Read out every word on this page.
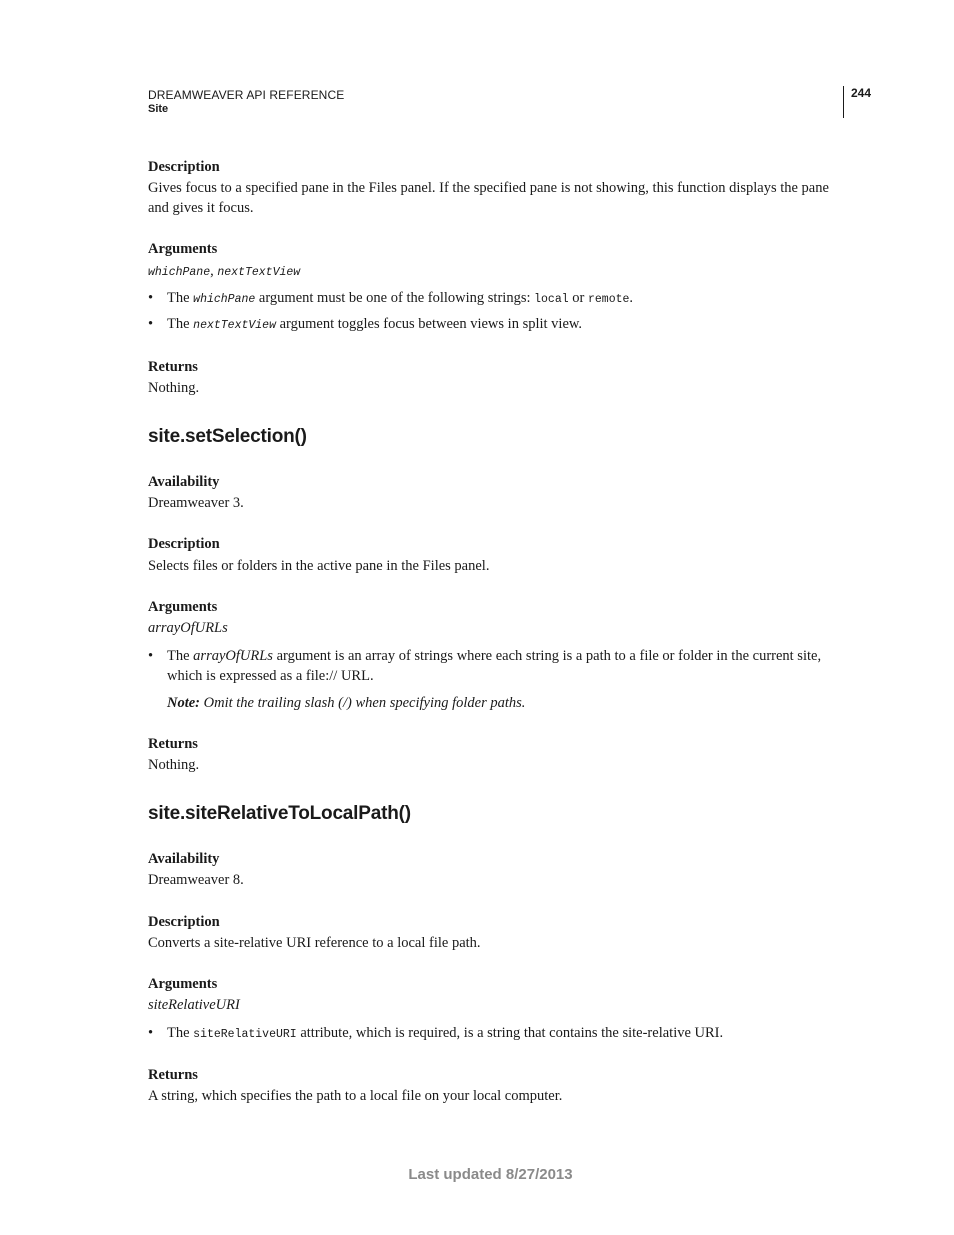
DREAMWEAVER API REFERENCE
Site
244
Description
Gives focus to a specified pane in the Files panel. If the specified pane is not showing, this function displays the pane and gives it focus.
Arguments
whichPane, nextTextView
• The whichPane argument must be one of the following strings: local or remote.
• The nextTextView argument toggles focus between views in split view.
Returns
Nothing.
site.setSelection()
Availability
Dreamweaver 3.
Description
Selects files or folders in the active pane in the Files panel.
Arguments
arrayOfURLs
• The arrayOfURLs argument is an array of strings where each string is a path to a file or folder in the current site, which is expressed as a file:// URL.
Note: Omit the trailing slash (/) when specifying folder paths.
Returns
Nothing.
site.siteRelativeToLocalPath()
Availability
Dreamweaver 8.
Description
Converts a site-relative URI reference to a local file path.
Arguments
siteRelativeURI
• The siteRelativeURI attribute, which is required, is a string that contains the site-relative URI.
Returns
A string, which specifies the path to a local file on your local computer.
Last updated 8/27/2013
